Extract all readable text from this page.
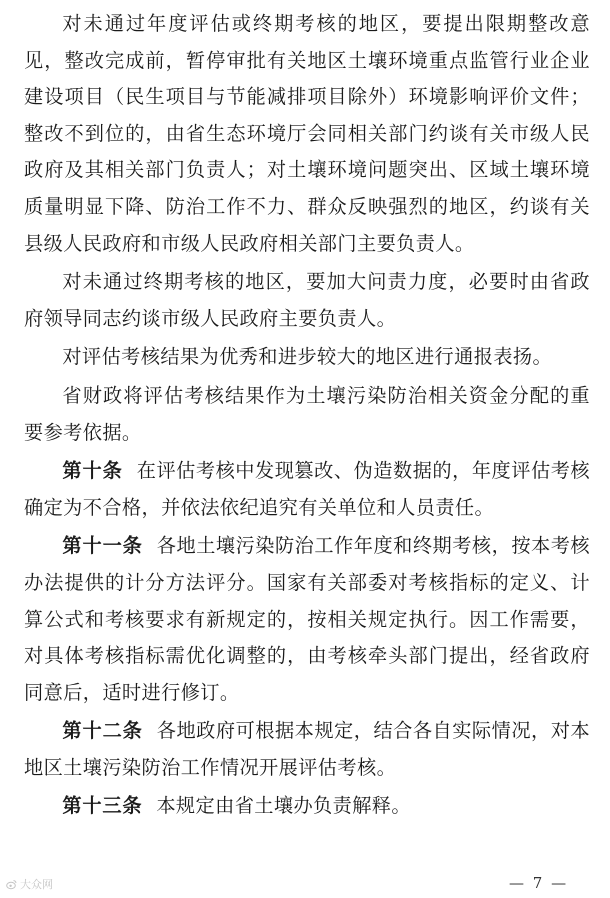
对未通过年度评估或终期考核的地区，要提出限期整改意见，整改完成前，暂停审批有关地区土壤环境重点监管行业企业建设项目（民生项目与节能减排项目除外）环境影响评价文件；整改不到位的，由省生态环境厅会同相关部门约谈有关市级人民政府及其相关部门负责人；对土壤环境问题突出、区域土壤环境质量明显下降、防治工作不力、群众反映强烈的地区，约谈有关县级人民政府和市级人民政府相关部门主要负责人。

对未通过终期考核的地区，要加大问责力度，必要时由省政府领导同志约谈市级人民政府主要负责人。

对评估考核结果为优秀和进步较大的地区进行通报表扬。

省财政将评估考核结果作为土壤污染防治相关资金分配的重要参考依据。

第十条 在评估考核中发现篡改、伪造数据的，年度评估考核确定为不合格，并依法依纪追究有关单位和人员责任。

第十一条 各地土壤污染防治工作年度和终期考核，按本考核办法提供的计分方法评分。国家有关部委对考核指标的定义、计算公式和考核要求有新规定的，按相关规定执行。因工作需要，对具体考核指标需优化调整的，由考核牵头部门提出，经省政府同意后，适时进行修订。

第十二条 各地政府可根据本规定，结合各自实际情况，对本地区土壤污染防治工作情况开展评估考核。

第十三条 本规定由省土壤办负责解释。

大众网	— 7 —
